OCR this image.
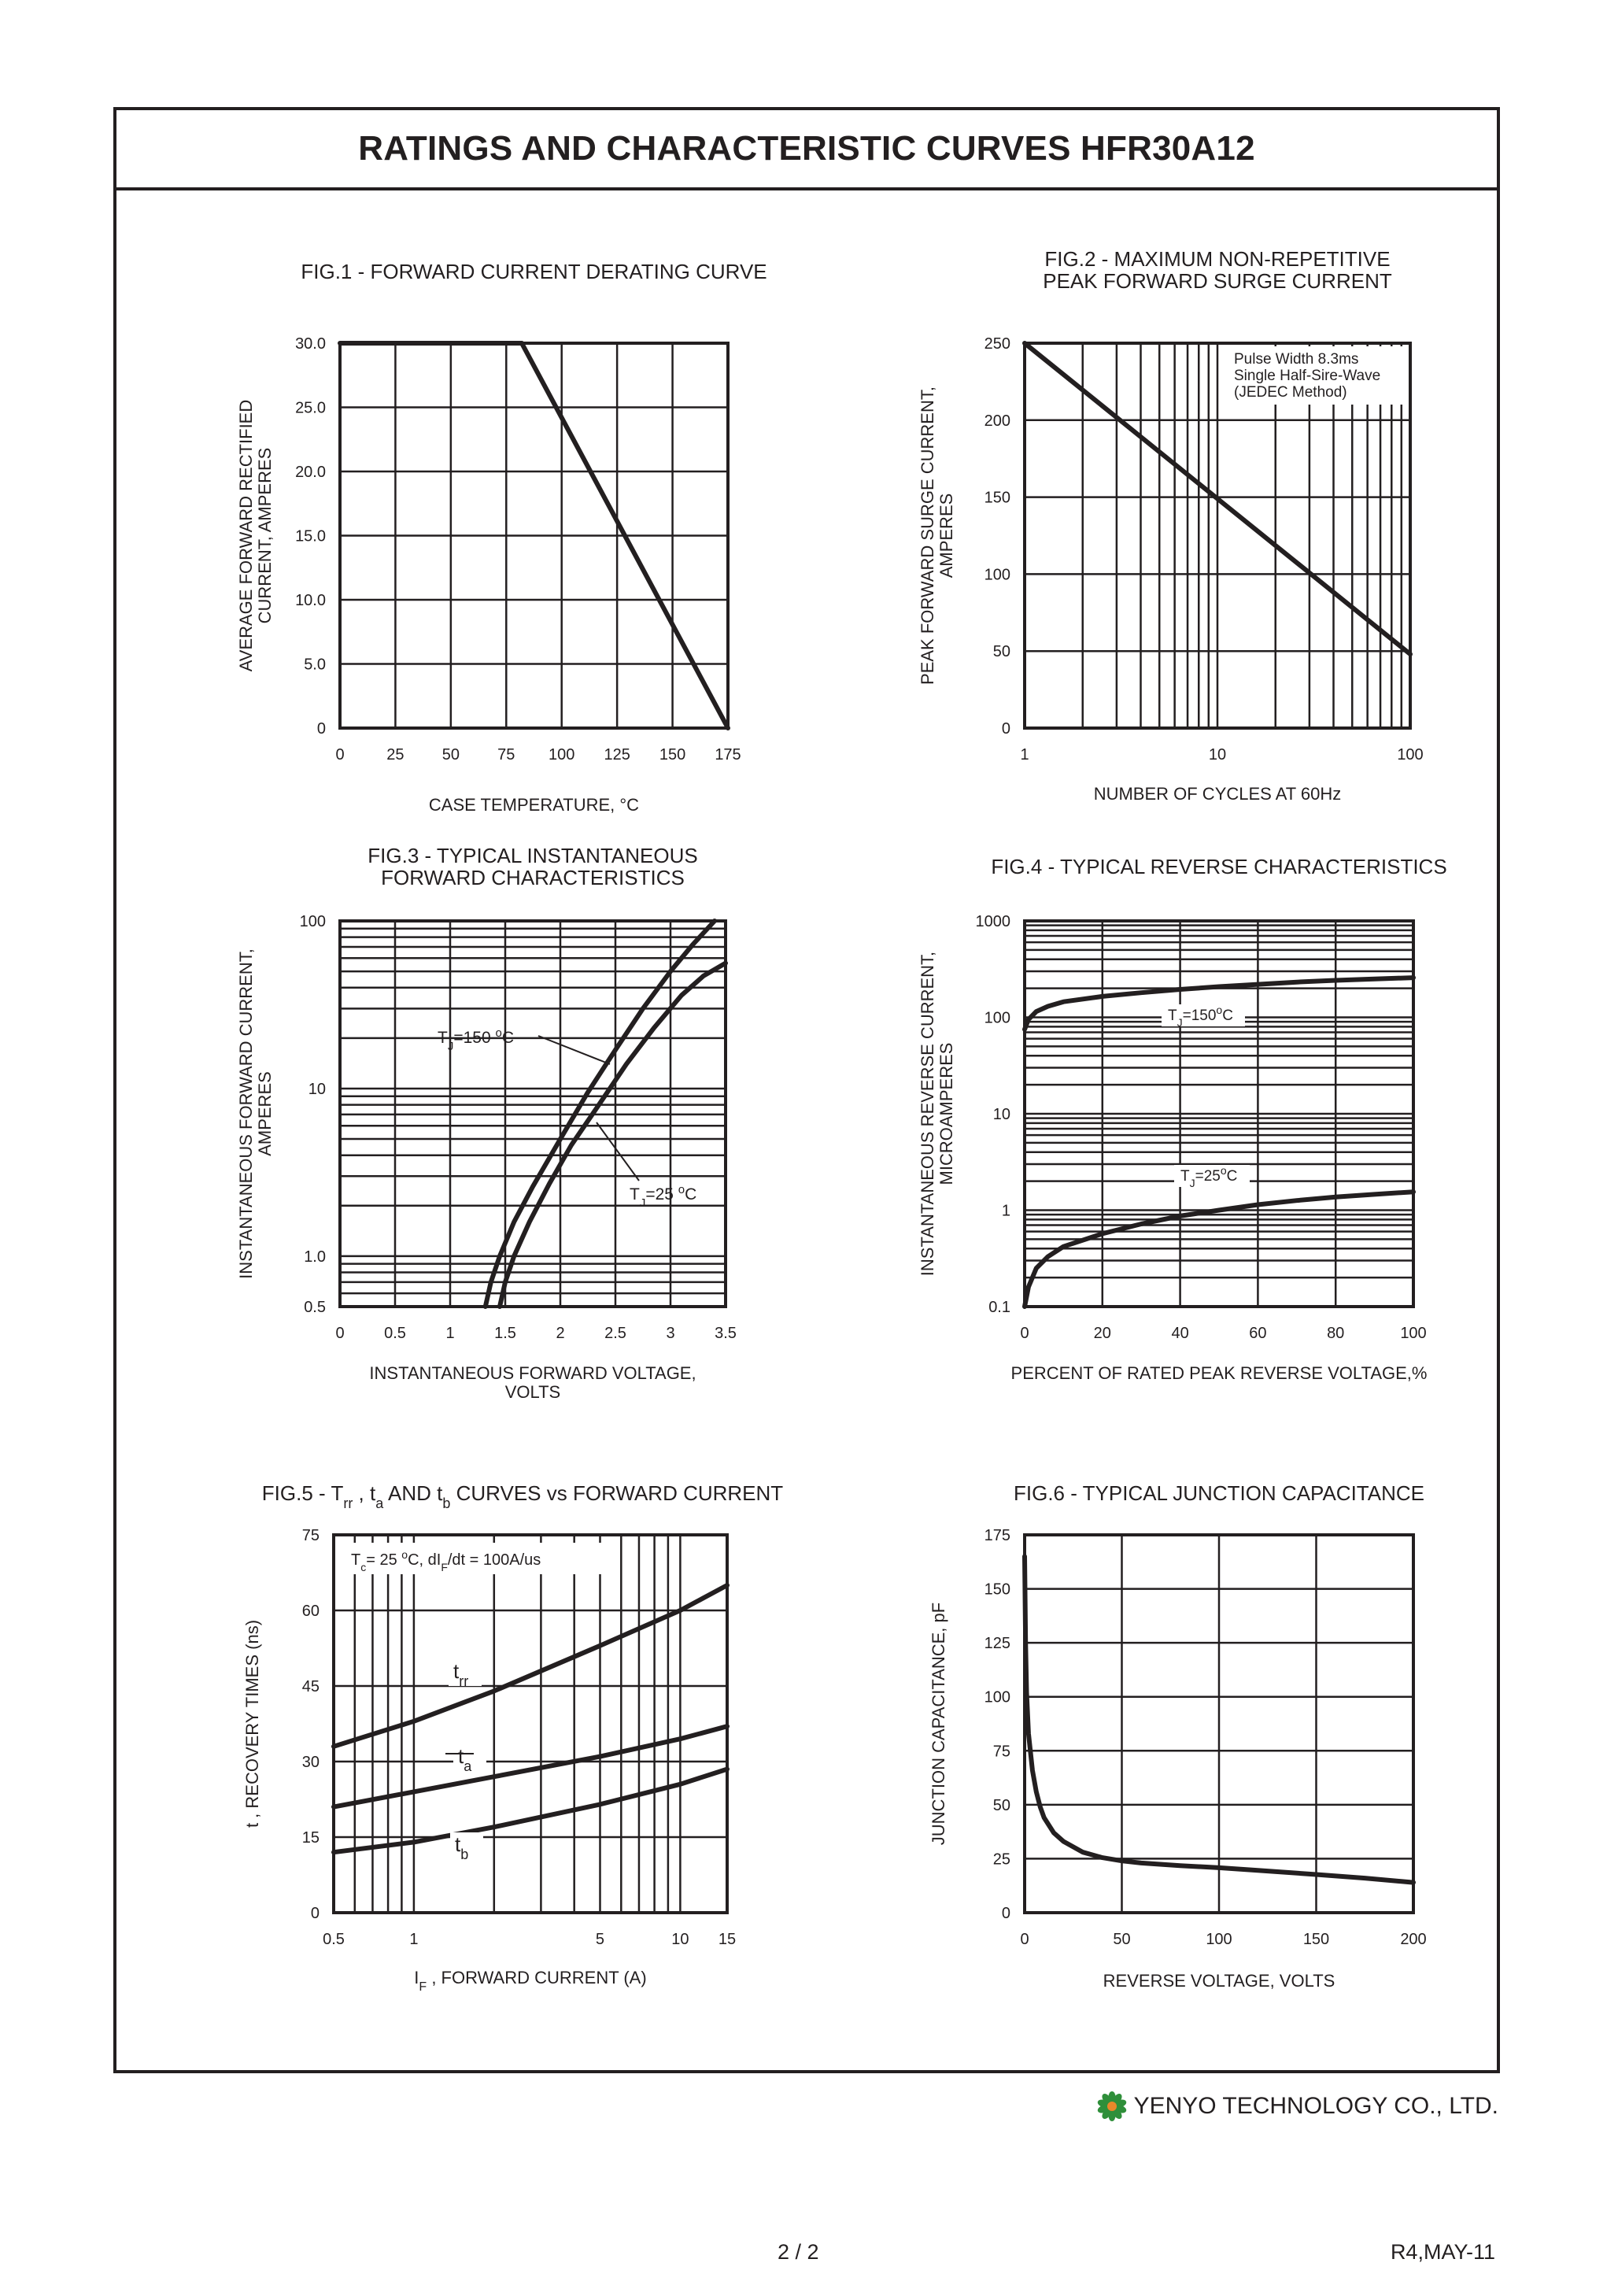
RATINGS AND CHARACTERISTIC CURVES HFR30A12
FIG.1 - FORWARD CURRENT DERATING CURVE
0	25 50 75 100 125 150 175
0
5.0
10.0
15.0
20.0
25.0
30.0
AVERAGE FORWARD RECTIFIED CURRENT, AMPERES
CASE TEMPERATURE, °C
FIG.2 - MAXIMUM NON-REPETITIVE
PEAK FORWARD SURGE CURRENT
1	10	100
0
50
100
150
200
250
PEAK FORWARD SURGE CURRENT, AMPERES
NUMBER OF CYCLES AT 60Hz
FIG.3 - TYPICAL INSTANTANEOUS
FORWARD CHARACTERISTICS
0	0.5	1	1.5	2	2.5	3	3.5
0.5
1.0
10
100
INSTANTANEOUS FORWARD CURRENT, AMPERES
INSTANTANEOUS FORWARD VOLTAGE,
VOLTS
FIG.4 - TYPICAL REVERSE CHARACTERISTICS
0	20	40	60	80	100
0.1
1
10
100
1000
INSTANTANEOUS REVERSE CURRENT, MICROAMPERES
PERCENT OF RATED PEAK REVERSE VOLTAGE,%
$FIG.5 - T_{rr}$ , $t_a$ AND $t_b$ CURVES vs FORWARD CURRENT
0.5	1	5	10 15
0
15
30
45
60
75
t , RECOVERY TIMES (ns)
$I_F$ , FORWARD CURRENT (A)
FIG.6 - TYPICAL JUNCTION CAPACITANCE
0	50	100	150	200
0
25
50
75
100
125
150
175
JUNCTION CAPACITANCE, pF
REVERSE VOLTAGE, VOLTS
Pulse Width 8.3ms
Single Half-Sire-Wave
(JEDEC Method)
$T_J=150$ $^o$C
$T_J=25$ $^o$C
$T_J=150^oC$
$T_J=25^oC$
$T_c= 25$ $^o$C, $dI_F/dt = 100A/us$
$t_{rr}$
$t_a$
$t_b$
YENYO TECHNOLOGY CO., LTD.
2 / 2	R4,MAY-11
